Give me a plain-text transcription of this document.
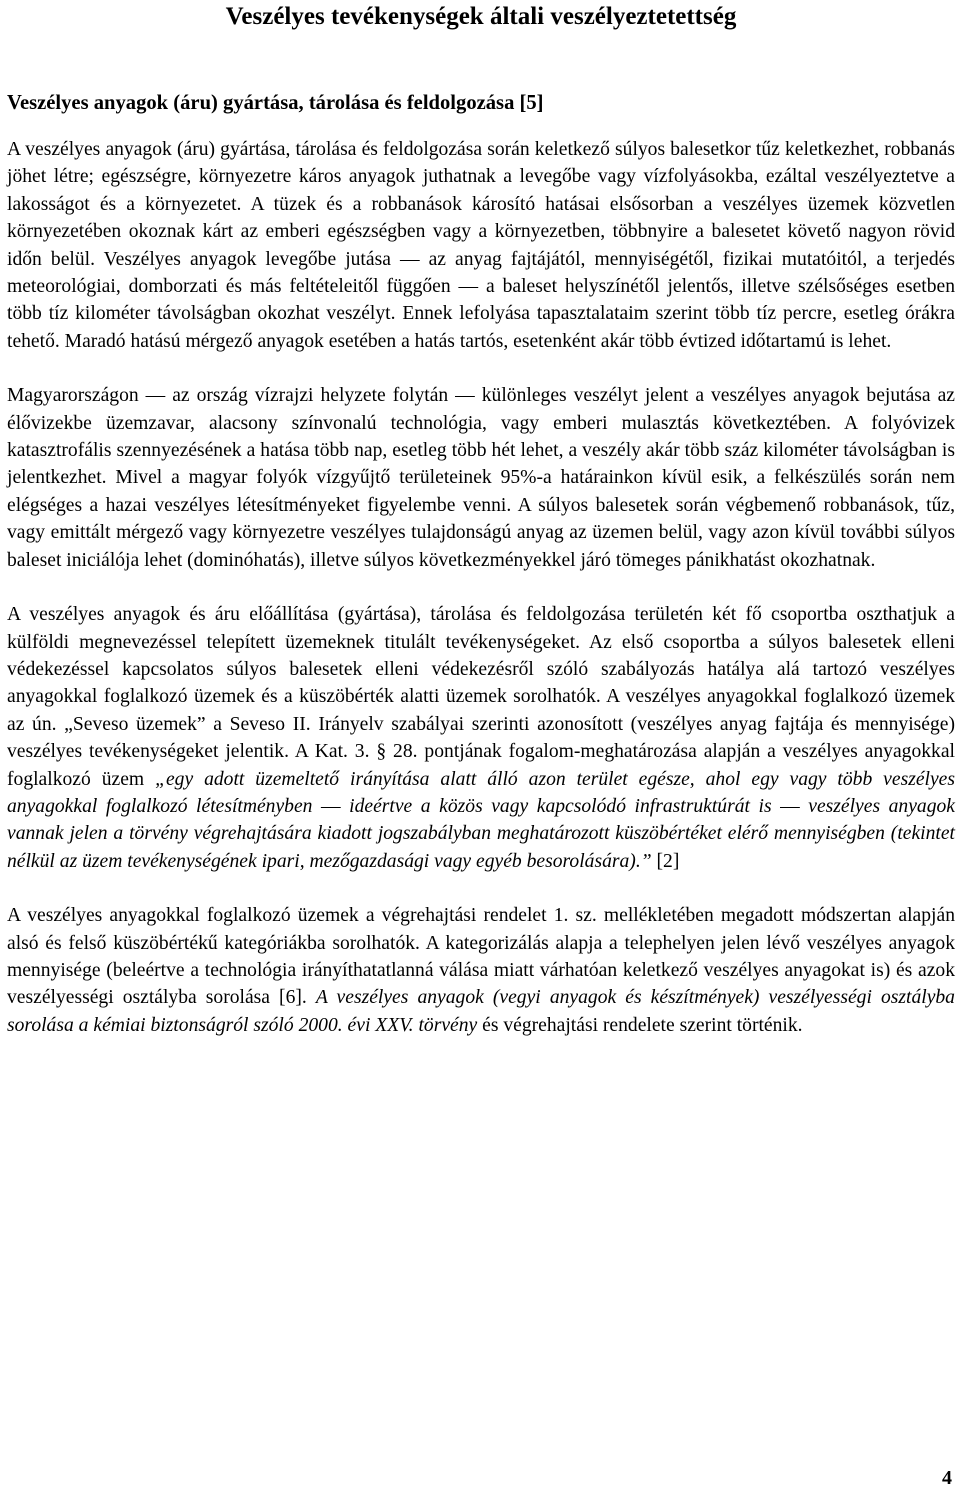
Veszélyes tevékenységek általi veszélyeztetettség
Veszélyes anyagok (áru) gyártása, tárolása és feldolgozása [5]

A veszélyes anyagok (áru) gyártása, tárolása és feldolgozása során keletkező súlyos balesetkor tűz keletkezhet, robbanás jöhet létre; egészségre, környezetre káros anyagok juthatnak a levegőbe vagy vízfolyásokba, ezáltal veszélyeztetve a lakosságot és a környezetet. A tüzek és a robbanások károsító hatásai elsősorban a veszélyes üzemek közvetlen környezetében okoznak kárt az emberi egészségben vagy a környezetben, többnyire a balesetet követő nagyon rövid időn belül. Veszélyes anyagok levegőbe jutása ― az anyag fajtájától, mennyiségétől, fizikai mutatóitól, a terjedés meteorológiai, domborzati és más feltételeitől függően ― a baleset helyszínétől jelentős, illetve szélsőséges esetben több tíz kilométer távolságban okozhat veszélyt. Ennek lefolyása tapasztalataim szerint több tíz percre, esetleg órákra tehető. Maradó hatású mérgező anyagok esetében a hatás tartós, esetenként akár több évtized időtartamú is lehet.

Magyarországon ― az ország vízrajzi helyzete folytán ― különleges veszélyt jelent a veszélyes anyagok bejutása az élővizekbe üzemzavar, alacsony színvonalú technológia, vagy emberi mulasztás következtében. A folyóvizek katasztrofális szennyezésének a hatása több nap, esetleg több hét lehet, a veszély akár több száz kilométer távolságban is jelentkezhet. Mivel a magyar folyók vízgyűjtő területeinek 95%-a határainkon kívül esik, a felkészülés során nem elégséges a hazai veszélyes létesítményeket figyelembe venni. A súlyos balesetek során végbemenő robbanások, tűz, vagy emittált mérgező vagy környezetre veszélyes tulajdonságú anyag az üzemen belül, vagy azon kívül további súlyos baleset iniciálója lehet (dominóhatás), illetve súlyos következményekkel járó tömeges pánikhatást okozhatnak.

A veszélyes anyagok és áru előállítása (gyártása), tárolása és feldolgozása területén két fő csoportba oszthatjuk a külföldi megnevezéssel telepített üzemeknek titulált tevékenységeket. Az első csoportba a súlyos balesetek elleni védekezéssel kapcsolatos súlyos balesetek elleni védekezésről szóló szabályozás hatálya alá tartozó veszélyes anyagokkal foglalkozó üzemek és a küszöbérték alatti üzemek sorolhatók. A veszélyes anyagokkal foglalkozó üzemek az ún. „Seveso üzemek” a Seveso II. Irányelv szabályai szerinti azonosított (veszélyes anyag fajtája és mennyisége) veszélyes tevékenységeket jelentik. A Kat. 3. § 28. pontjának fogalom-meghatározása alapján a veszélyes anyagokkal foglalkozó üzem „egy adott üzemeltető irányítása alatt álló azon terület egésze, ahol egy vagy több veszélyes anyagokkal foglalkozó létesítményben ― ideértve a közös vagy kapcsolódó infrastruktúrát is ― veszélyes anyagok vannak jelen a törvény végrehajtására kiadott jogszabályban meghatározott küszöbértéket elérő mennyiségben (tekintet nélkül az üzem tevékenységének ipari, mezőgazdasági vagy egyéb besorolására).” [2]

A veszélyes anyagokkal foglalkozó üzemek a végrehajtási rendelet 1. sz. mellékletében megadott módszertan alapján alsó és felső küszöbértékű kategóriákba sorolhatók. A kategorizálás alapja a telephelyen jelen lévő veszélyes anyagok mennyisége (beleértve a technológia irányíthatatlanná válása miatt várhatóan keletkező veszélyes anyagokat is) és azok veszélyességi osztályba sorolása [6]. A veszélyes anyagok (vegyi anyagok és készítmények) veszélyességi osztályba sorolása a kémiai biztonságról szóló 2000. évi XXV. törvény és végrehajtási rendelete szerint történik.

4
